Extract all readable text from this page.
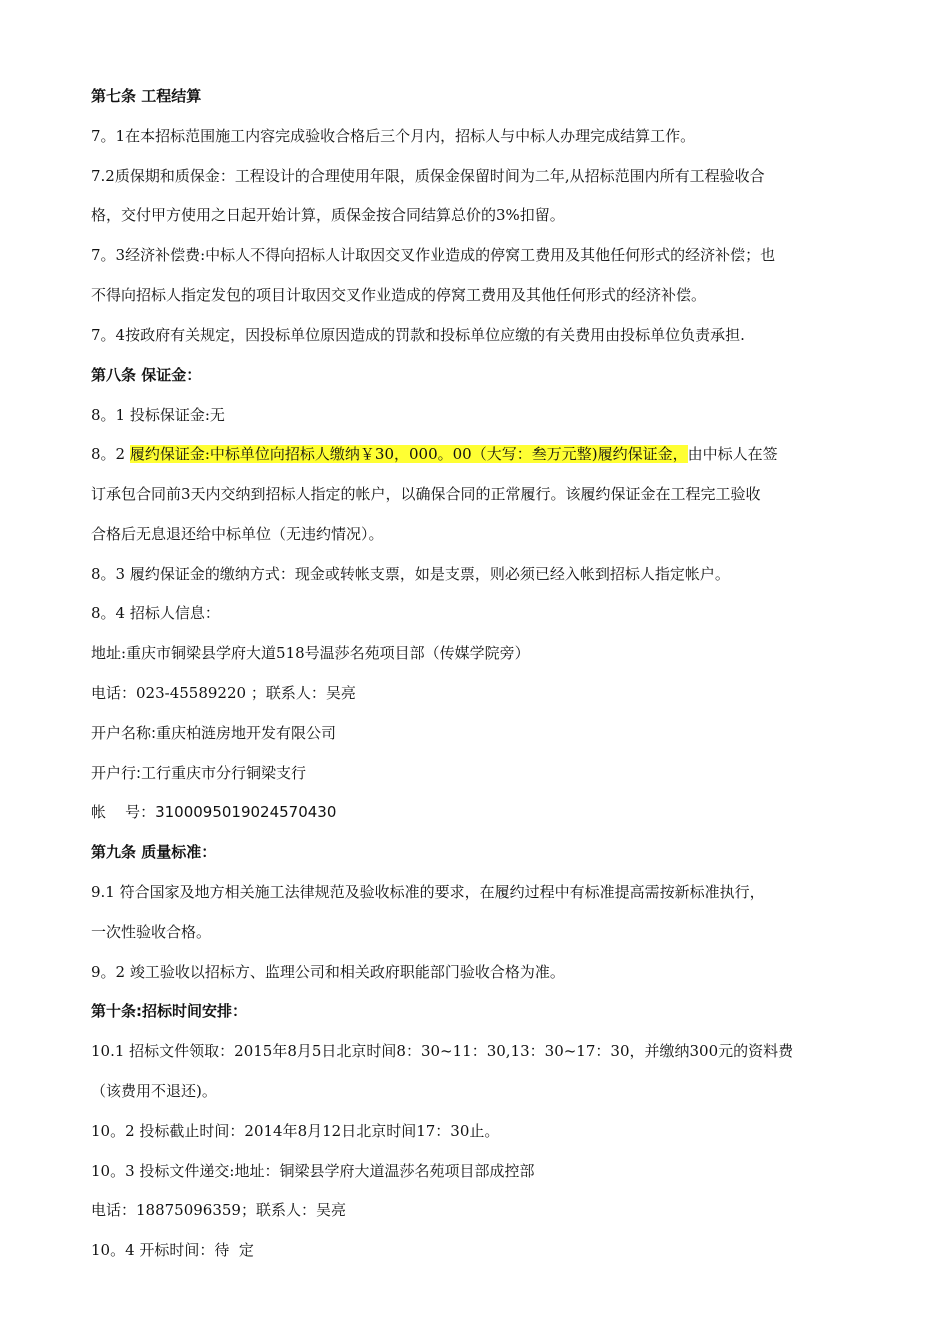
第七条 工程结算

7。1在本招标范围施工内容完成验收合格后三个月内，招标人与中标人办理完成结算工作。

7.2质保期和质保金：工程设计的合理使用年限，质保金保留时间为二年,从招标范围内所有工程验收合

格，交付甲方使用之日起开始计算，质保金按合同结算总价的3%扣留。

7。3经济补偿费:中标人不得向招标人计取因交叉作业造成的停窝工费用及其他任何形式的经济补偿；也

不得向招标人指定发包的项目计取因交叉作业造成的停窝工费用及其他任何形式的经济补偿。

7。4按政府有关规定，因投标单位原因造成的罚款和投标单位应缴的有关费用由投标单位负责承担.

第八条 保证金：

8。1 投标保证金:无

8。2 履约保证金:中标单位向招标人缴纳￥30，000。00（大写：叁万元整)履约保证金，由中标人在签

订承包合同前3天内交纳到招标人指定的帐户，以确保合同的正常履行。该履约保证金在工程完工验收

合格后无息退还给中标单位（无违约情况）。

8。3 履约保证金的缴纳方式：现金或转帐支票，如是支票，则必须已经入帐到招标人指定帐户。

8。4 招标人信息：

地址:重庆市铜梁县学府大道518号温莎名苑项目部（传媒学院旁）

电话：023-45589220 ；联系人：吴亮

开户名称:重庆柏涟房地开发有限公司

开户行:工行重庆市分行铜梁支行

帐    号：3100095019024570430

第九条 质量标准：

9.1 符合国家及地方相关施工法律规范及验收标准的要求，在履约过程中有标准提高需按新标准执行，

一次性验收合格。

9。2 竣工验收以招标方、监理公司和相关政府职能部门验收合格为准。

第十条:招标时间安排：

10.1 招标文件领取：2015年8月5日北京时间8：30~11：30,13：30~17：30，并缴纳300元的资料费

（该费用不退还)。

10。2 投标截止时间：2014年8月12日北京时间17：30止。

10。3 投标文件递交:地址：铜梁县学府大道温莎名苑项目部成控部

电话：18875096359；联系人：吴亮

10。4 开标时间：待  定
